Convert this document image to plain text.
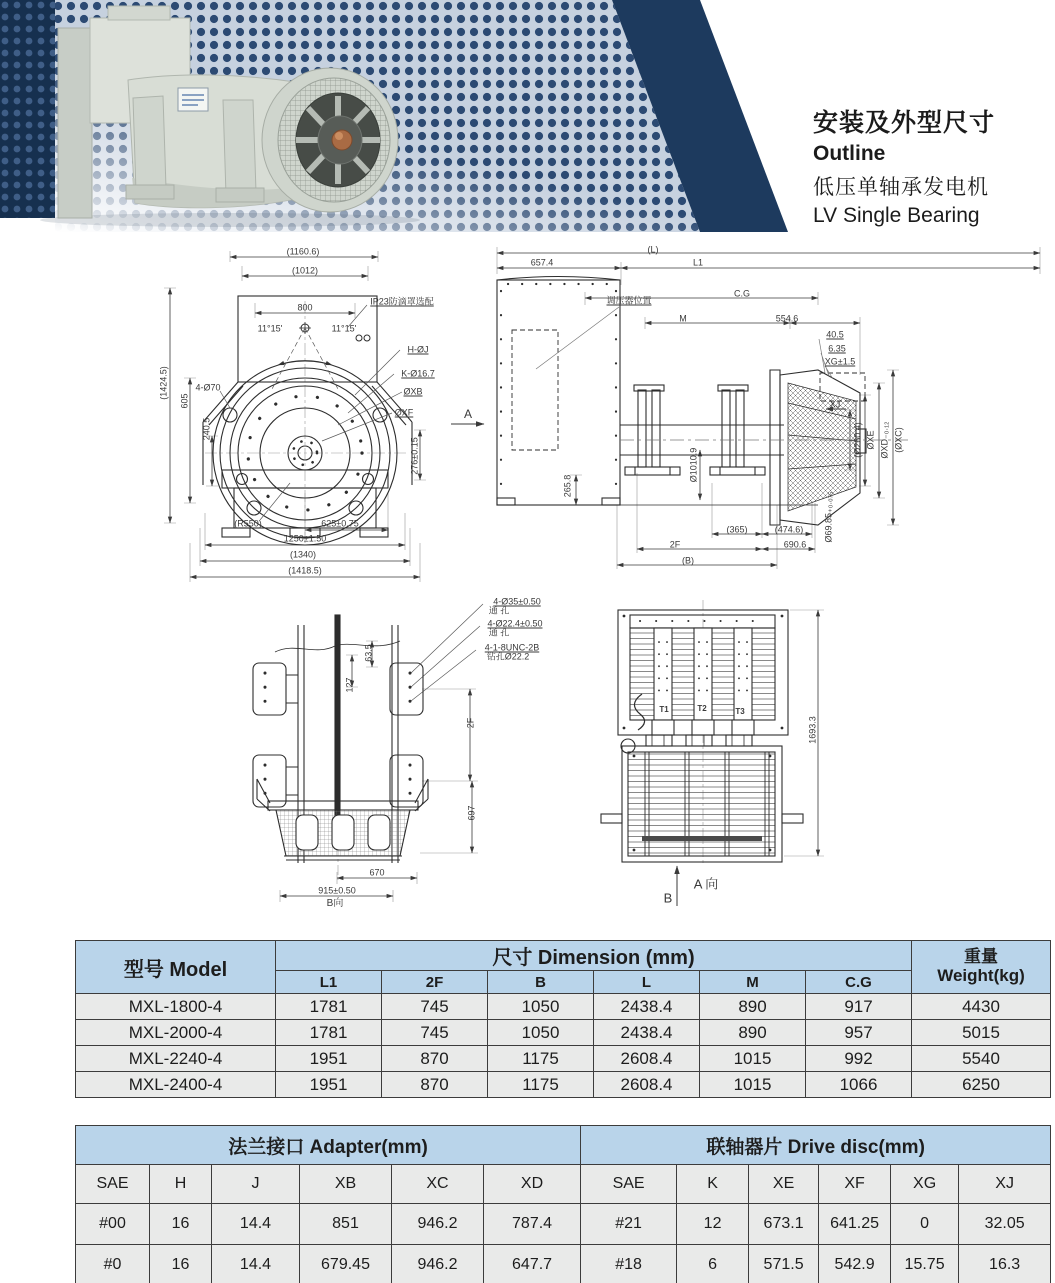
安装及外型尺寸
Outline
低压单轴承发电机
LV Single Bearing
(1160.6)
(1012)
800
11°15'	11°15'
IP23防滴罩选配
H-ØJ
K-Ø16.7
ØXB
ØXF
(1424.5)
605
4-Ø70
240.5
276±0.15
(R550)	625±0.75
1250±1.50
(1340)
(1418.5)
A
(L)
657.4	L1
C.G
M	554.6
调压器位置
40.5
6.35
XG±1.5
XJ
(Ø260.4) ØXE ØXD₋₀.₁₂ (ØXC)
Ø1010.9
265.8
(365)	(474.6)
2F	690.6
(B)
Ø69.85₊₀.₀₇₅
4-Ø35±0.50
通 孔
4-Ø22.4±0.50
通 孔
4-1-8UNC-2B
钻孔Ø22.2
63.5
127
2F
697
670
915±0.50
B向
T1	T2	T3
1693.3
A 向
B
型号 Model	尺寸 Dimension (mm)						重量
Weight(kg)

	L1	2F	B	L	M	C.G	
MXL-1800-4	1781	745	1050	2438.4	890	917	4430
MXL-2000-4	1781	745	1050	2438.4	890	957	5015
MXL-2240-4	1951	870	1175	2608.4	1015	992	5540
MXL-2400-4	1951	870	1175	2608.4	1015	1066	6250
法兰接口 Adapter(mm)						联轴器片 Drive disc(mm)					
SAE	H	J	XB	XC	XD	SAE	K	XE	XF	XG	XJ
#00	16	14.4	851	946.2	787.4	#21	12	673.1	641.25	0	32.05
#0	16	14.4	679.45	946.2	647.7	#18	6	571.5	542.9	15.75	16.3
